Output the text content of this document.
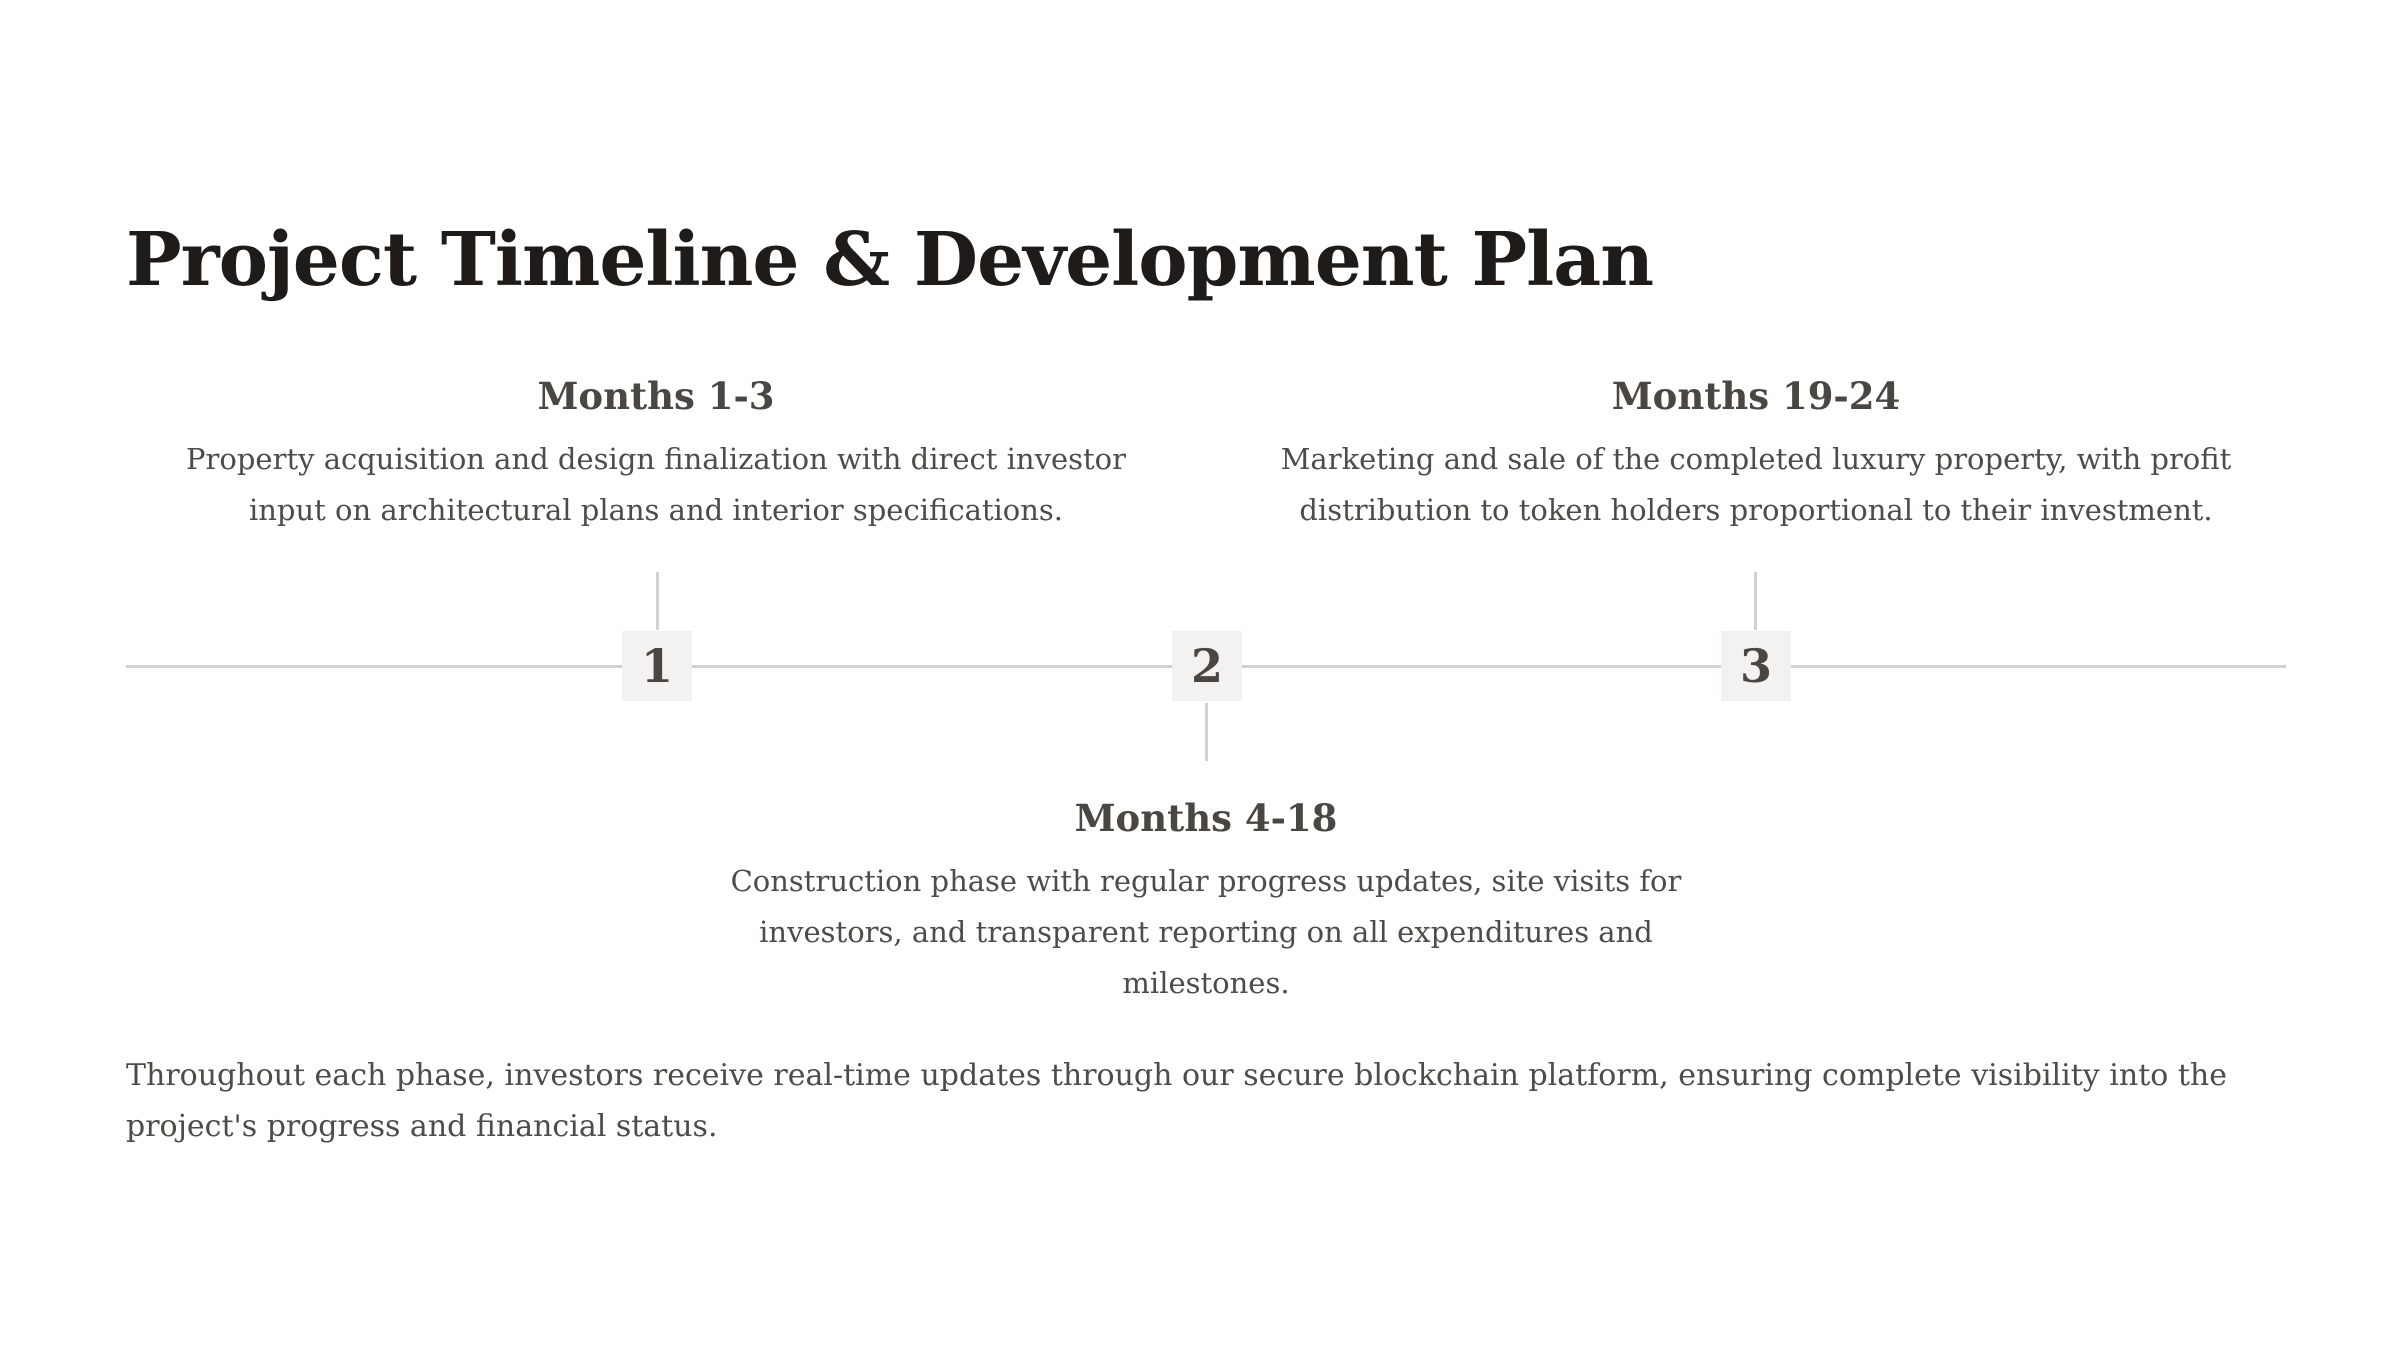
Project Timeline & Development Plan
Months 1-3

Property acquisition and design finalization with direct investor input on architectural plans and interior specifications.

Months 19-24

Marketing and sale of the completed luxury property, with profit distribution to token holders proportional to their investment.

1	2	3
Months 4-18

Construction phase with regular progress updates, site visits for investors, and transparent reporting on all expenditures and milestones.

Throughout each phase, investors receive real-time updates through our secure blockchain platform, ensuring complete visibility into the project's progress and financial status.
